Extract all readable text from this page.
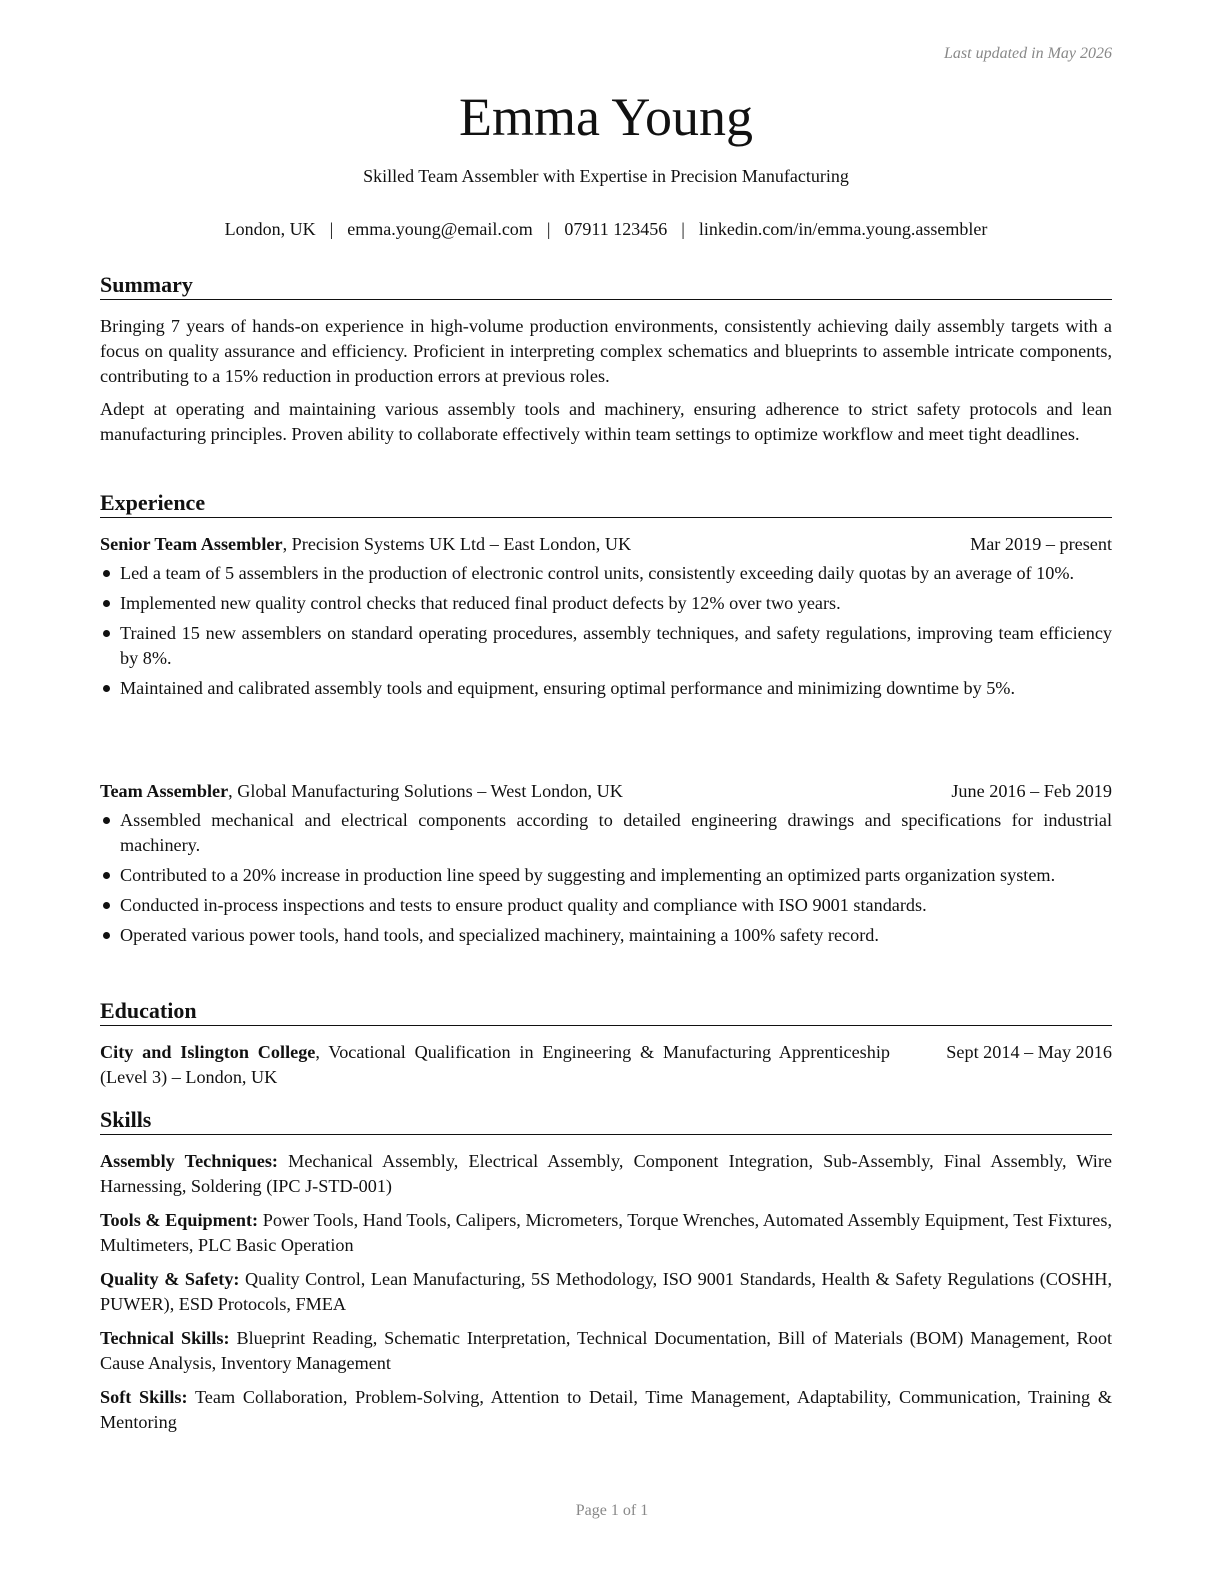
Last updated in May 2026
Emma Young
Skilled Team Assembler with Expertise in Precision Manufacturing
London, UK | emma.young@email.com | 07911 123456 | linkedin.com/in/emma.young.assembler
Summary

Bringing 7 years of hands-on experience in high-volume production environments, consistently achieving daily assembly targets with a focus on quality assurance and efficiency. Proficient in interpreting complex schematics and blueprints to assemble intricate components, contributing to a 15% reduction in production errors at previous roles.

Adept at operating and maintaining various assembly tools and machinery, ensuring adherence to strict safety protocols and lean manufacturing principles. Proven ability to collaborate effectively within team settings to optimize workflow and meet tight deadlines.

Experience
Senior Team Assembler, Precision Systems UK Ltd – East London, UK	Mar 2019 – present
Led a team of 5 assemblers in the production of electronic control units, consistently exceeding daily quotas by an average of 10%.
Implemented new quality control checks that reduced final product defects by 12% over two years.
Trained 15 new assemblers on standard operating procedures, assembly techniques, and safety regulations, improving team efficiency by 8%.
Maintained and calibrated assembly tools and equipment, ensuring optimal performance and minimizing downtime by 5%.
Team Assembler, Global Manufacturing Solutions – West London, UK	June 2016 – Feb 2019
Assembled mechanical and electrical components according to detailed engineering drawings and specifications for industrial machinery.
Contributed to a 20% increase in production line speed by suggesting and implementing an optimized parts organization system.
Conducted in-process inspections and tests to ensure product quality and compliance with ISO 9001 standards.
Operated various power tools, hand tools, and specialized machinery, maintaining a 100% safety record.
Education
City and Islington College, Vocational Qualification in Engineering & Manufacturing Apprenticeship (Level 3) – London, UK
Sept 2014 – May 2016
Skills

Assembly Techniques: Mechanical Assembly, Electrical Assembly, Component Integration, Sub-Assembly, Final Assembly, Wire Harnessing, Soldering (IPC J-STD-001)

Tools & Equipment: Power Tools, Hand Tools, Calipers, Micrometers, Torque Wrenches, Automated Assembly Equipment, Test Fixtures, Multimeters, PLC Basic Operation

Quality & Safety: Quality Control, Lean Manufacturing, 5S Methodology, ISO 9001 Standards, Health & Safety Regulations (COSHH, PUWER), ESD Protocols, FMEA

Technical Skills: Blueprint Reading, Schematic Interpretation, Technical Documentation, Bill of Materials (BOM) Management, Root Cause Analysis, Inventory Management

Soft Skills: Team Collaboration, Problem-Solving, Attention to Detail, Time Management, Adaptability, Communication, Training & Mentoring

Page 1 of 1
